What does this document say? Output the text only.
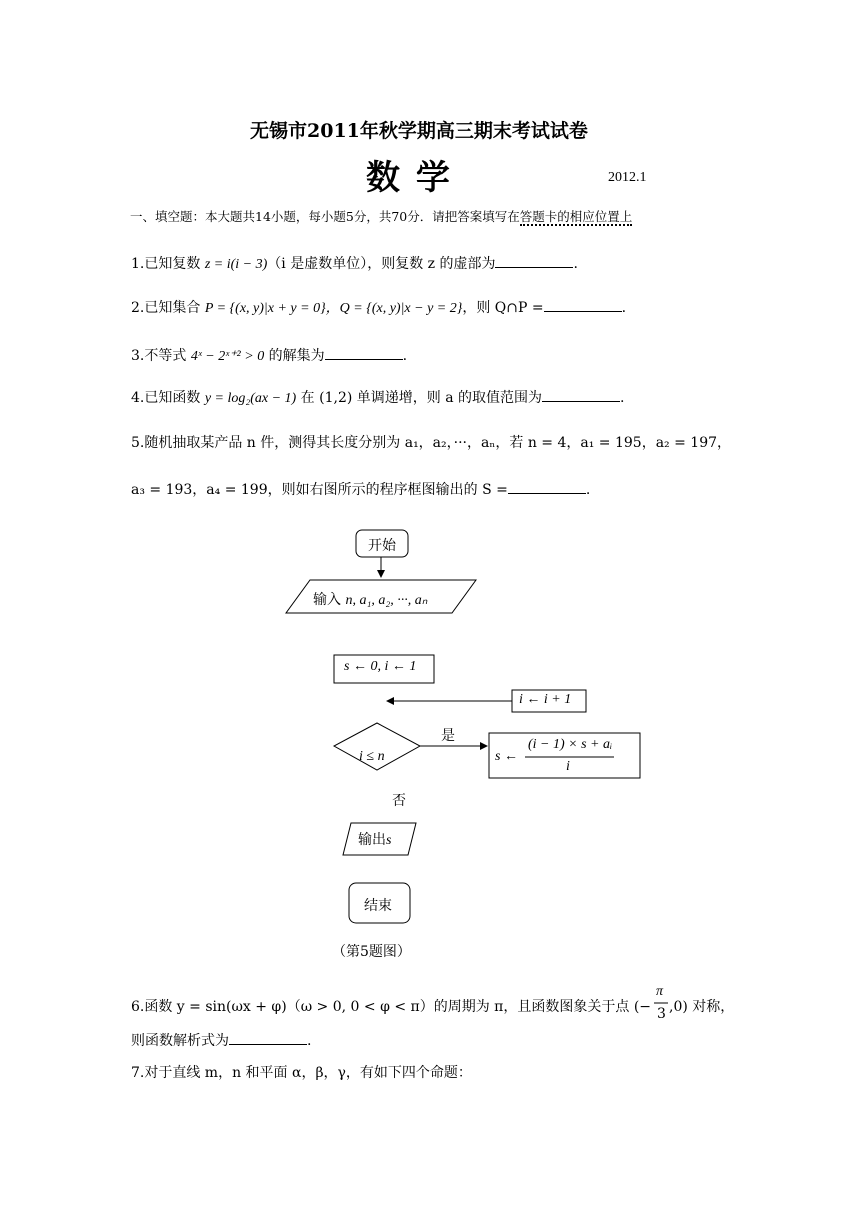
无锡市2011年秋学期高三期末考试试卷
数 学	2012.1
一、填空题：本大题共14小题，每小题5分，共70分．请把答案填写在答题卡的相应位置上
1.已知复数 z = i(i − 3)（i 是虚数单位），则复数 z 的虚部为	.
2.已知集合 P = {(x, y)|x + y = 0}，Q = {(x, y)|x − y = 2}，则 Q∩P =	.
3.不等式 4ˣ − 2ˣ⁺² > 0 的解集为	.
4.已知函数 y = log₂(ax − 1) 在 (1,2) 单调递增，则 a 的取值范围为	.
5.随机抽取某产品 n 件，测得其长度分别为 a₁，a₂，···，aₙ，若 n = 4，a₁ = 195，a₂ = 197，
a₃ = 193，a₄ = 199，则如右图所示的程序框图输出的 S =	.
开始
输入 n, a₁, a₂, ···, aₙ
s ← 0, i ← 1
i ← i + 1
是
i ≤ n	s ←
(i − 1) × s + aᵢ
i
否
输出s
结束
（第5题图）
6.函数 y = sin(ωx + φ)（ω > 0, 0 < φ < π）的周期为 π，且函数图象关于点 (− ,0) 对称，
π
3
则函数解析式为	.
7.对于直线 m，n 和平面 α，β，γ，有如下四个命题：
